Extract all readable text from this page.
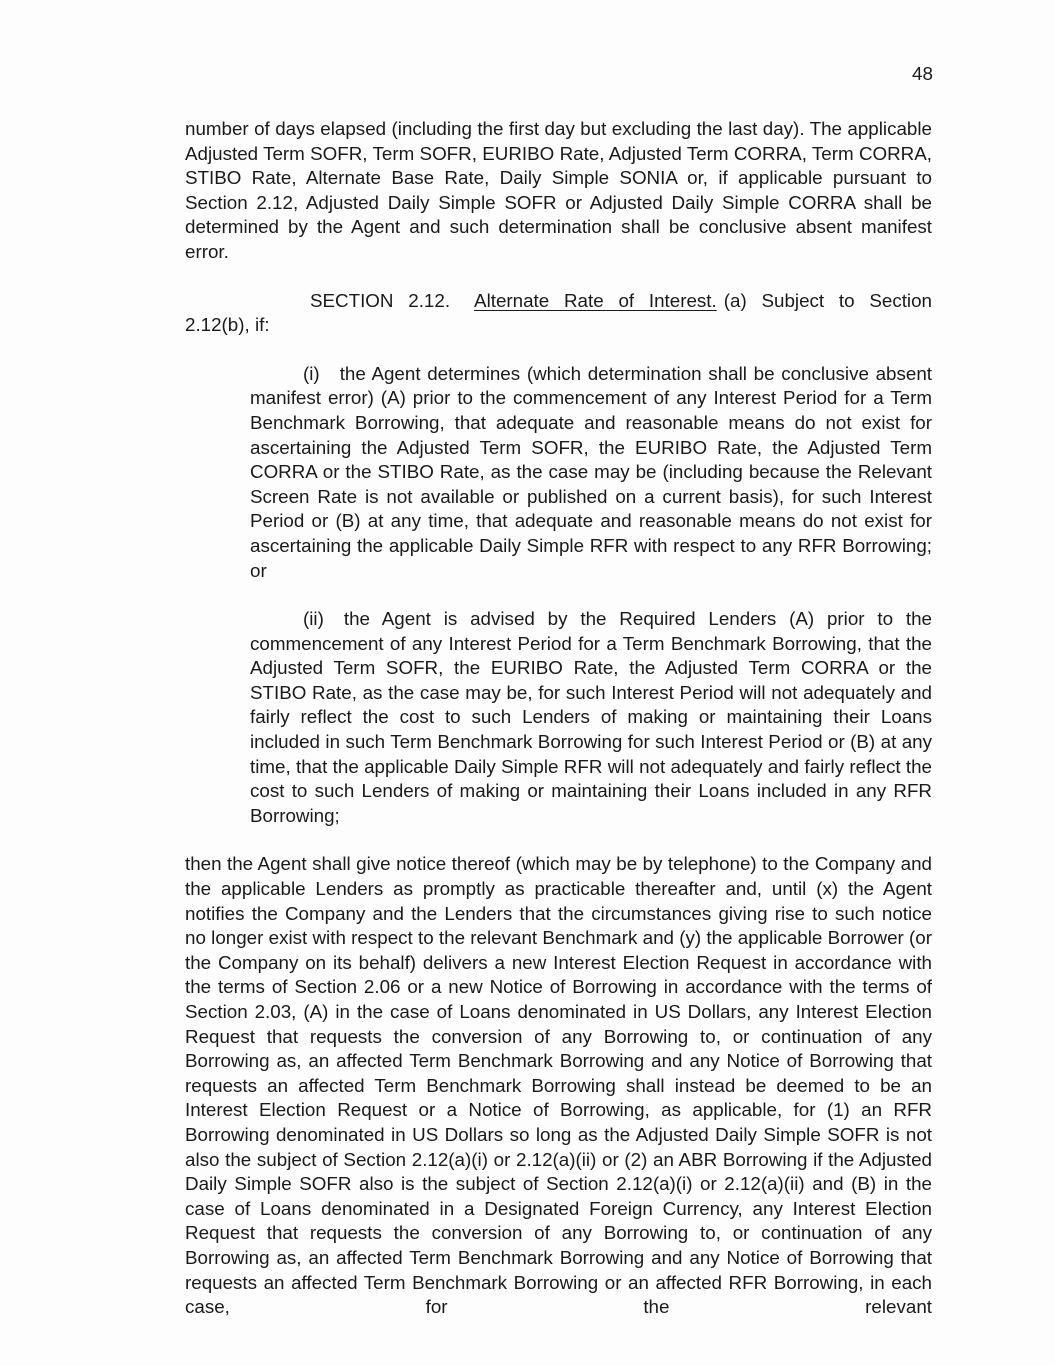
48

number of days elapsed (including the first day but excluding the last day). The applicable Adjusted Term SOFR, Term SOFR, EURIBO Rate, Adjusted Term CORRA, Term CORRA, STIBO Rate, Alternate Base Rate, Daily Simple SONIA or, if applicable pursuant to Section 2.12, Adjusted Daily Simple SOFR or Adjusted Daily Simple CORRA shall be determined by the Agent and such determination shall be conclusive absent manifest error.

SECTION 2.12. Alternate Rate of Interest. (a) Subject to Section 2.12(b), if:

(i) the Agent determines (which determination shall be conclusive absent manifest error) (A) prior to the commencement of any Interest Period for a Term Benchmark Borrowing, that adequate and reasonable means do not exist for ascertaining the Adjusted Term SOFR, the EURIBO Rate, the Adjusted Term CORRA or the STIBO Rate, as the case may be (including because the Relevant Screen Rate is not available or published on a current basis), for such Interest Period or (B) at any time, that adequate and reasonable means do not exist for ascertaining the applicable Daily Simple RFR with respect to any RFR Borrowing; or

(ii) the Agent is advised by the Required Lenders (A) prior to the commencement of any Interest Period for a Term Benchmark Borrowing, that the Adjusted Term SOFR, the EURIBO Rate, the Adjusted Term CORRA or the STIBO Rate, as the case may be, for such Interest Period will not adequately and fairly reflect the cost to such Lenders of making or maintaining their Loans included in such Term Benchmark Borrowing for such Interest Period or (B) at any time, that the applicable Daily Simple RFR will not adequately and fairly reflect the cost to such Lenders of making or maintaining their Loans included in any RFR Borrowing;

then the Agent shall give notice thereof (which may be by telephone) to the Company and the applicable Lenders as promptly as practicable thereafter and, until (x) the Agent notifies the Company and the Lenders that the circumstances giving rise to such notice no longer exist with respect to the relevant Benchmark and (y) the applicable Borrower (or the Company on its behalf) delivers a new Interest Election Request in accordance with the terms of Section 2.06 or a new Notice of Borrowing in accordance with the terms of Section 2.03, (A) in the case of Loans denominated in US Dollars, any Interest Election Request that requests the conversion of any Borrowing to, or continuation of any Borrowing as, an affected Term Benchmark Borrowing and any Notice of Borrowing that requests an affected Term Benchmark Borrowing shall instead be deemed to be an Interest Election Request or a Notice of Borrowing, as applicable, for (1) an RFR Borrowing denominated in US Dollars so long as the Adjusted Daily Simple SOFR is not also the subject of Section 2.12(a)(i) or 2.12(a)(ii) or (2) an ABR Borrowing if the Adjusted Daily Simple SOFR also is the subject of Section 2.12(a)(i) or 2.12(a)(ii) and (B) in the case of Loans denominated in a Designated Foreign Currency, any Interest Election Request that requests the conversion of any Borrowing to, or continuation of any Borrowing as, an affected Term Benchmark Borrowing and any Notice of Borrowing that requests an affected Term Benchmark Borrowing or an affected RFR Borrowing, in each case, for the relevant
